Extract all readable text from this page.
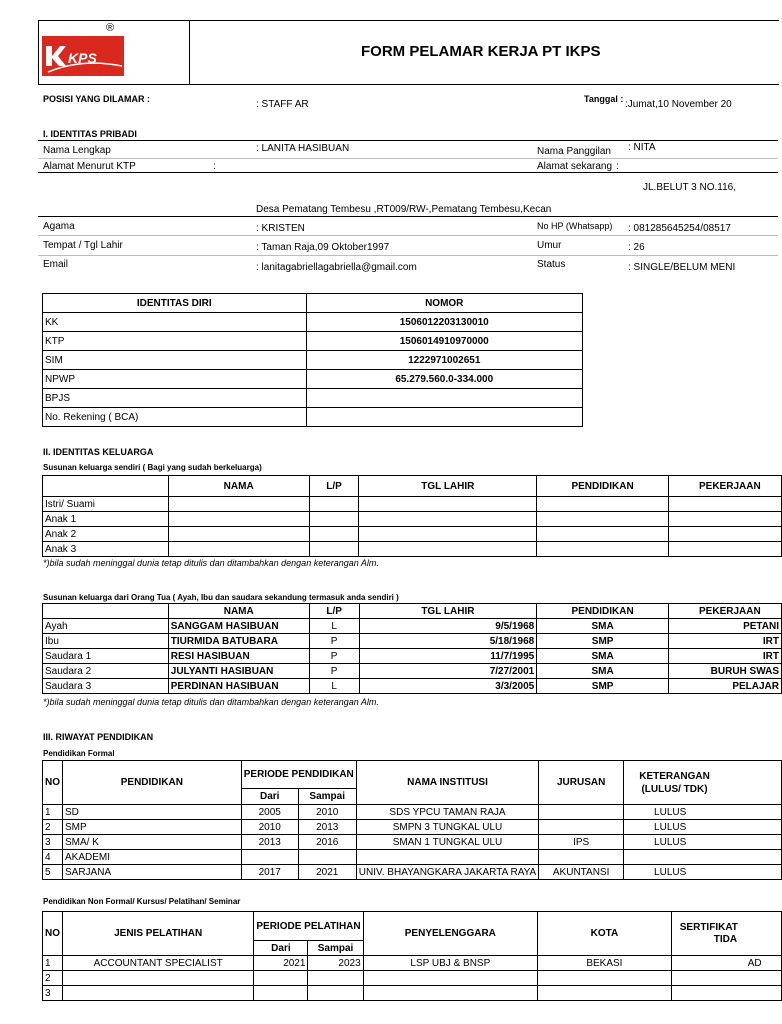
KPS
®
FORM PELAMAR KERJA PT IKPS
POSISI YANG DILAMAR :	: STAFF AR	Tanggal : :Jumat,10 November 20
I. IDENTITAS PRIBADI
Nama Lengkap	: LANITA HASIBUAN	Nama Panggilan : NITA
Alamat Menurut KTP	:	Alamat sekarang :
JL.BELUT 3 NO.116,
Desa Pematang Tembesu ,RT009/RW-,Pematang Tembesu,Kecan
Agama	: KRISTEN	No HP (Whatsapp) : 081285645254/08517
Tempat / Tgl Lahir	: Taman Raja,09 Oktober1997	Umur	: 26
Email	: lanitagabriellagabriella@gmail.com	Status	: SINGLE/BELUM MENI
IDENTITAS DIRI	NOMOR
KK	1506012203130010
KTP	1506014910970000
SIM	1222971002651
NPWP	65.279.560.0-334.000
BPJS	
No. Rekening ( BCA)	
II. IDENTITAS KELUARGA
Susunan keluarga sendiri ( Bagi yang sudah berkeluarga)
	NAMA	L/P	TGL LAHIR	PENDIDIKAN	PEKERJAAN
Istri/ Suami					
Anak 1					
Anak 2					
Anak 3					
*)bila sudah meninggal dunia tetap ditulis dan ditambahkan dengan keterangan Alm.
Susunan keluarga dari Orang Tua ( Ayah, Ibu dan saudara sekandung termasuk anda sendiri )
	NAMA	L/P	TGL LAHIR	PENDIDIKAN	PEKERJAAN
Ayah	SANGGAM HASIBUAN	L	9/5/1968	SMA	PETANI
Ibu	TIURMIDA BATUBARA	P	5/18/1968	SMP	IRT
Saudara 1	RESI HASIBUAN	P	11/7/1995	SMA	IRT
Saudara 2	JULYANTI HASIBUAN	P	7/27/2001	SMA	BURUH SWAS
Saudara 3	PERDINAN HASIBUAN	L	3/3/2005	SMP	PELAJAR
*)bila sudah meninggal dunia tetap ditulis dan ditambahkan dengan keterangan Alm.
III. RIWAYAT PENDIDIKAN
Pendidikan Formal
NO	PENDIDIKAN	PERIODE PENDIDIKAN		NAMA INSTITUSI	JURUSAN	KETERANGAN (LULUS/ TDK)
		Dari	Sampai			
1	SD	2005	2010	SDS YPCU TAMAN RAJA		LULUS
2	SMP	2010	2013	SMPN 3 TUNGKAL ULU		LULUS
3	SMA/ K	2013	2016	SMAN 1 TUNGKAL ULU	IPS	LULUS
4	AKADEMI					
5	SARJANA	2017	2021	UNIV. BHAYANGKARA JAKARTA RAYA	AKUNTANSI	LULUS
Pendidikan Non Formal/ Kursus/ Pelatihan/ Seminar
NO	JENIS PELATIHAN	PERIODE PELATIHAN		PENYELENGGARA	KOTA	SERTIFIKAT
TIDA

		Dari	Sampai			
1	ACCOUNTANT SPECIALIST	2021	2023	LSP UBJ & BNSP	BEKASI	AD
2						
3						
